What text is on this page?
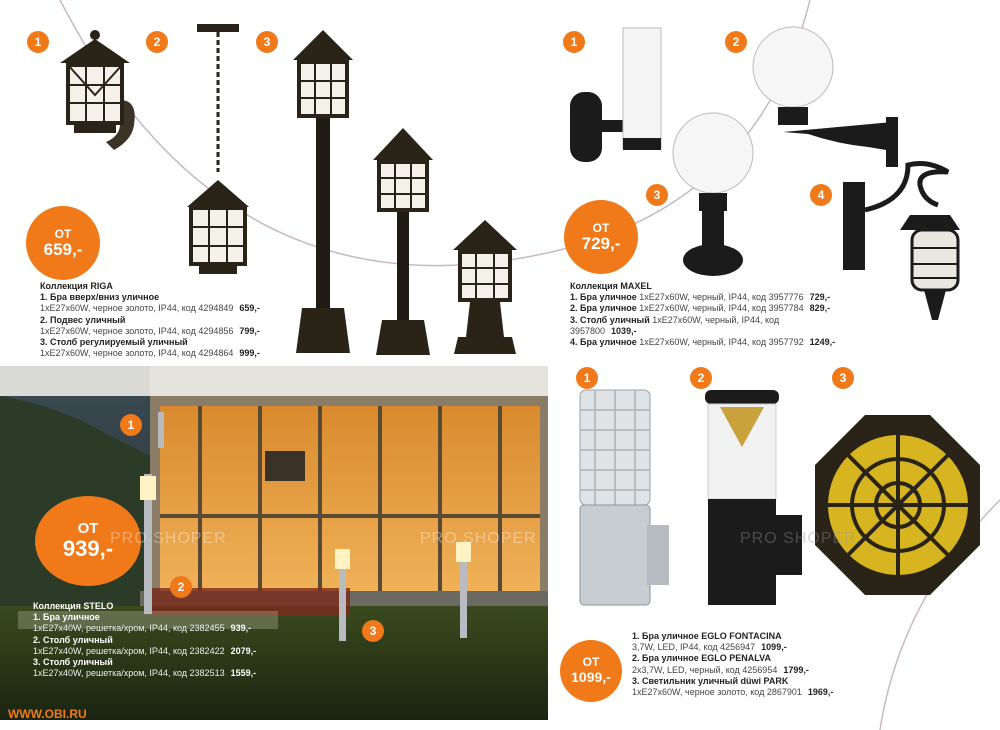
1	2	3
ОТ
659,-
Коллекция RIGA
1. Бра вверх/вниз уличное
1хE27х60W, черное золото, IP44, код 4294849 659,-
2. Подвес уличный
1хE27х60W, черное золото, IP44, код 4294856 799,-
3. Столб регулируемый уличный
1хE27х60W, черное золото, IP44, код 4294864 999,-
1	2
3	4
ОТ
729,-
Коллекция MAXEL
1. Бра уличное 1хE27х60W, черный, IP44, код 3957776 729,-
2. Бра уличное 1хE27х60W, черный, IP44, код 3957784 829,-
3. Столб уличный 1хE27х60W, черный, IP44, код 3957800 1039,-
4. Бра уличное 1хE27х60W, черный, IP44, код 3957792 1249,-
1
2
3
ОТ
939,-
Коллекция STELO
1. Бра уличное
1хE27х40W, решетка/хром, IP44, код 2382455 939,-
2. Столб уличный
1хE27х40W, решетка/хром, IP44, код 2382422 2079,-
3. Столб уличный
1хE27х40W, решетка/хром, IP44, код 2382513 1559,-
1	2	3
ОТ
1099,-
1. Бра уличное EGLO FONTACINA
3,7W, LED, IP44, код 4256947 1099,-
2. Бра уличное EGLO PENALVA
2х3,7W, LED, черный, код 4256954 1799,-
3. Светильник уличный düwi PARK
1хE27х60W, черное золото, код 2867901 1969,-
PRO SHOPER	PRO SHOPER	PRO SHOPER
WWW.OBI.RU
